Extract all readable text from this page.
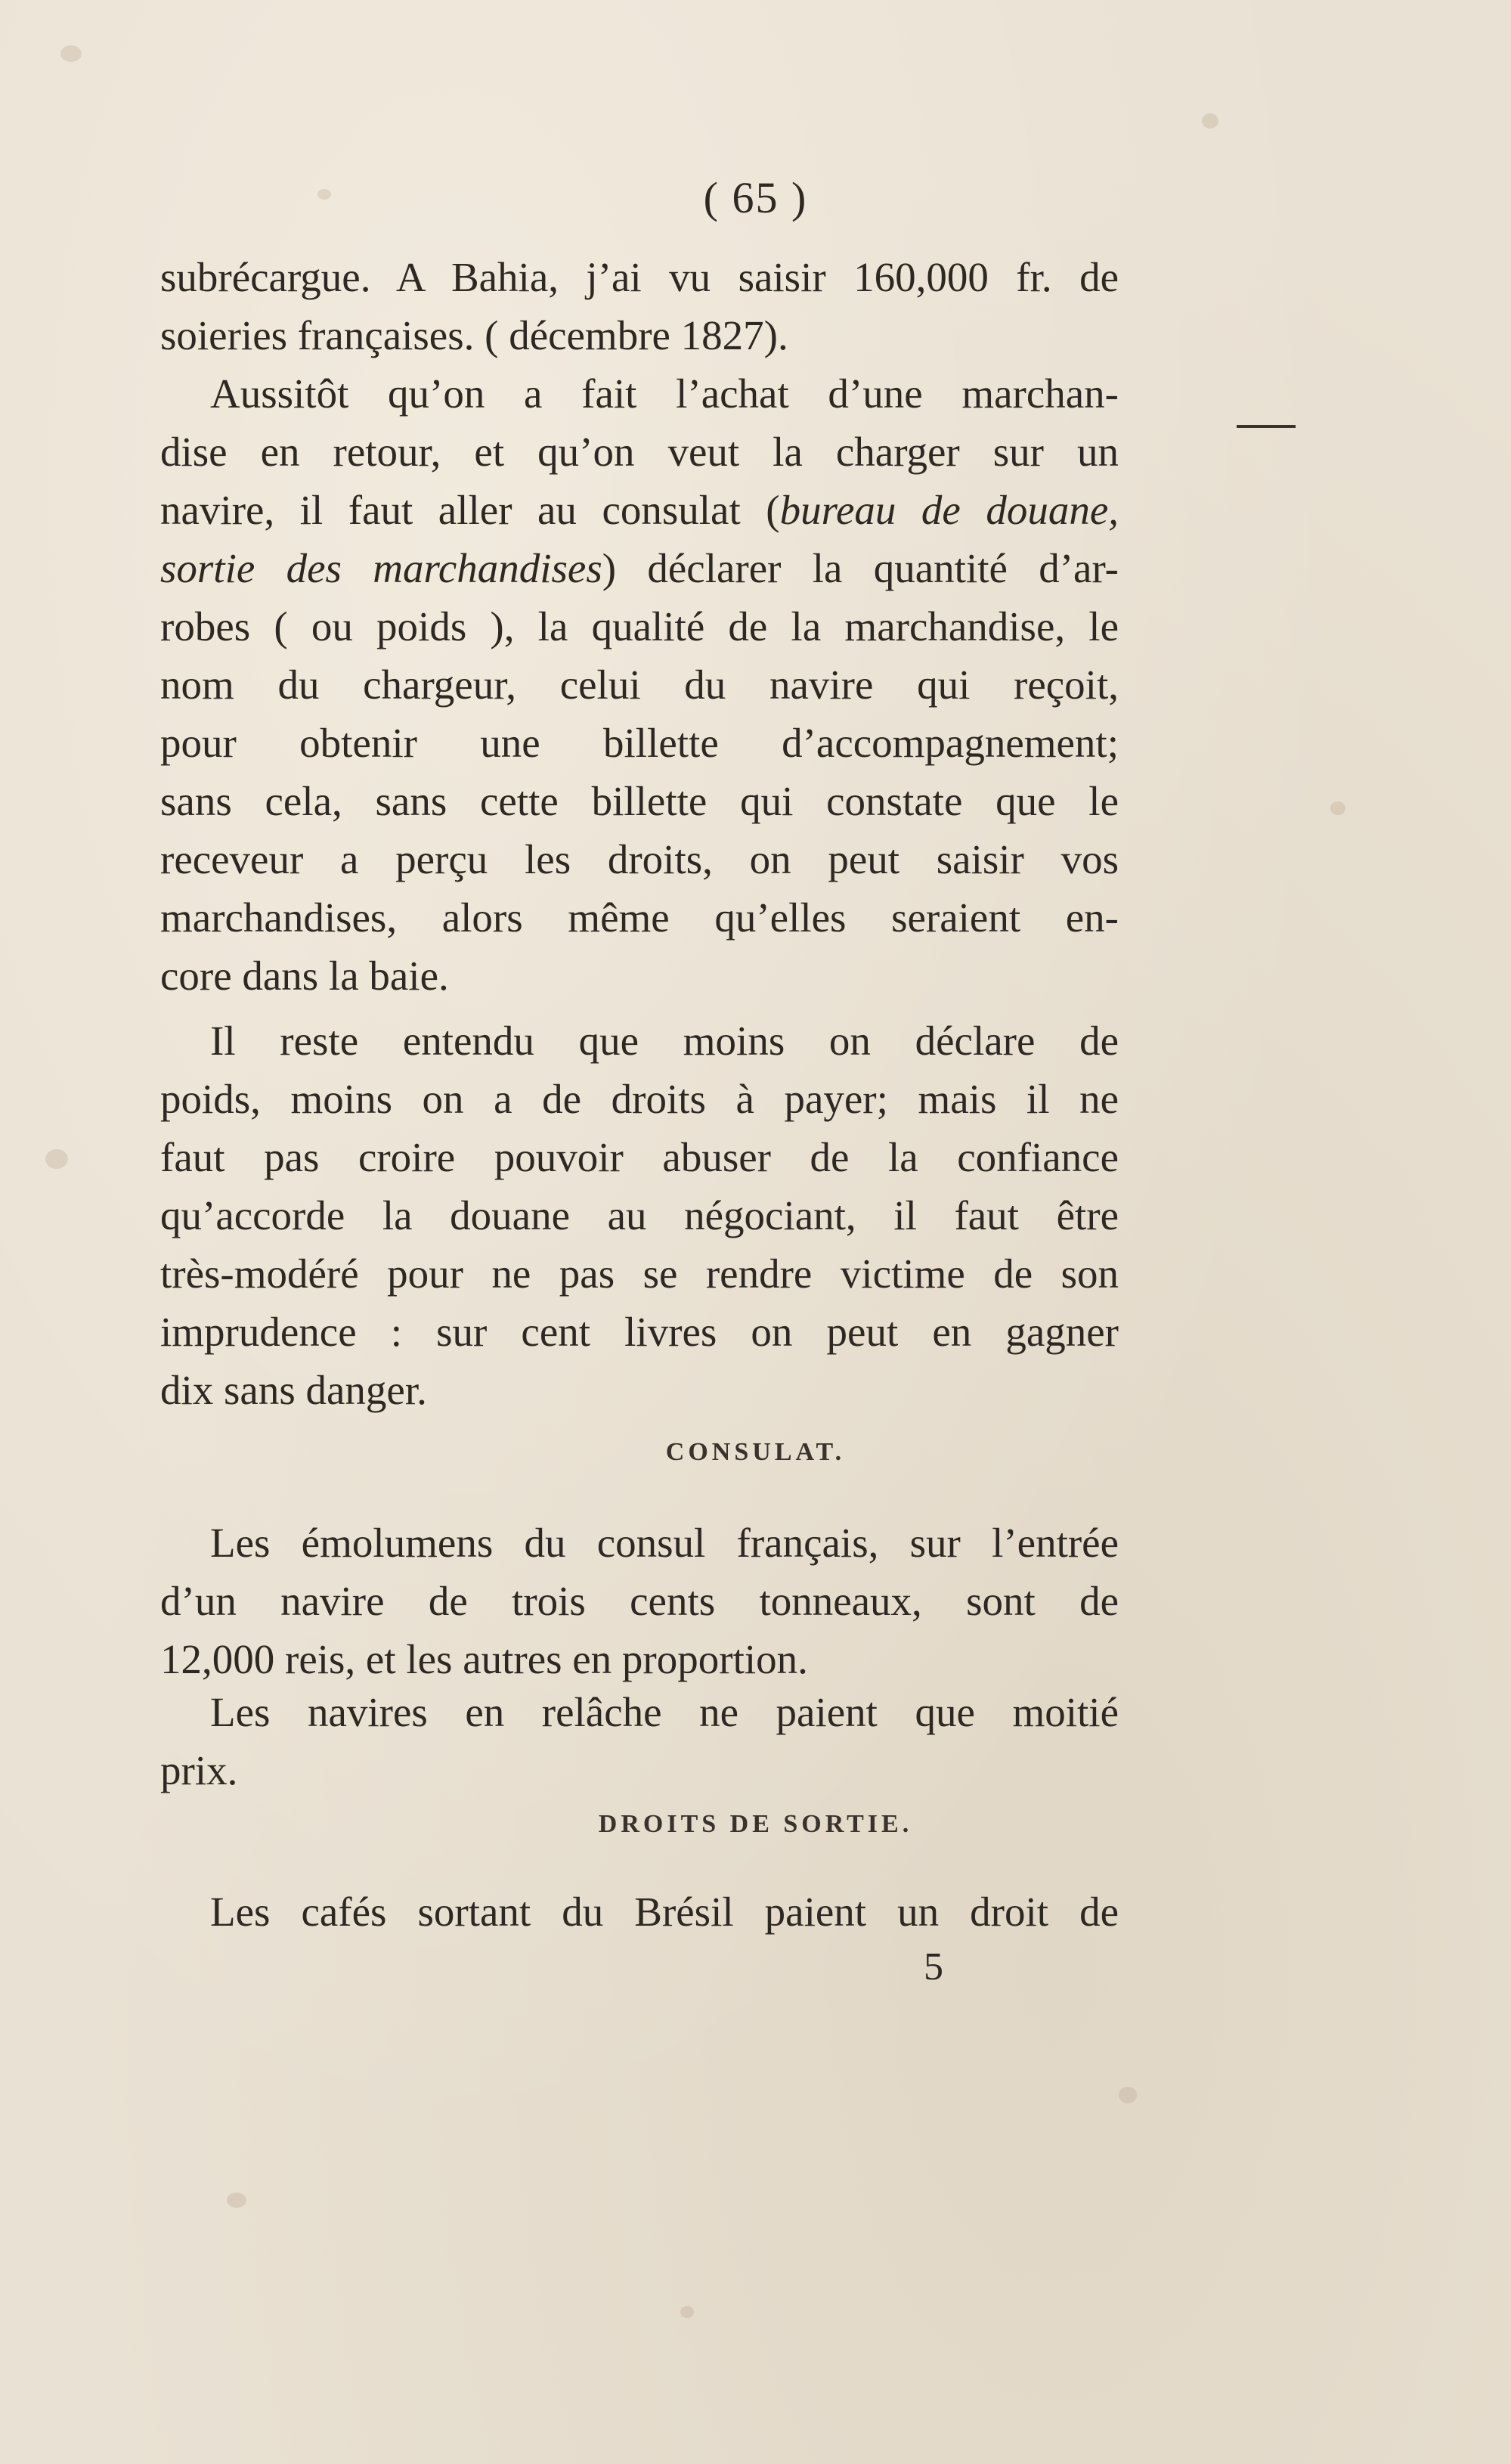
( 65 )
subrécargue. A Bahia, j’ai vu saisir 160,000 fr. de
soieries françaises. ( décembre 1827).
Aussitôt qu’on a fait l’achat d’une marchan-
dise en retour, et qu’on veut la charger sur un
navire, il faut aller au consulat (bureau de douane,
sortie des marchandises) déclarer la quantité d’ar-
robes ( ou poids ), la qualité de la marchandise, le
nom du chargeur, celui du navire qui reçoit,
pour obtenir une billette d’accompagnement;
sans cela, sans cette billette qui constate que le
receveur a perçu les droits, on peut saisir vos
marchandises, alors même qu’elles seraient en-
core dans la baie.
Il reste entendu que moins on déclare de
poids, moins on a de droits à payer; mais il ne
faut pas croire pouvoir abuser de la confiance
qu’accorde la douane au négociant, il faut être
très-modéré pour ne pas se rendre victime de son
imprudence : sur cent livres on peut en gagner
dix sans danger.
CONSULAT.
Les émolumens du consul français, sur l’entrée
d’un navire de trois cents tonneaux, sont de
12,000 reis, et les autres en proportion.
Les navires en relâche ne paient que moitié
prix.
DROITS DE SORTIE.
Les cafés sortant du Brésil paient un droit de
5
